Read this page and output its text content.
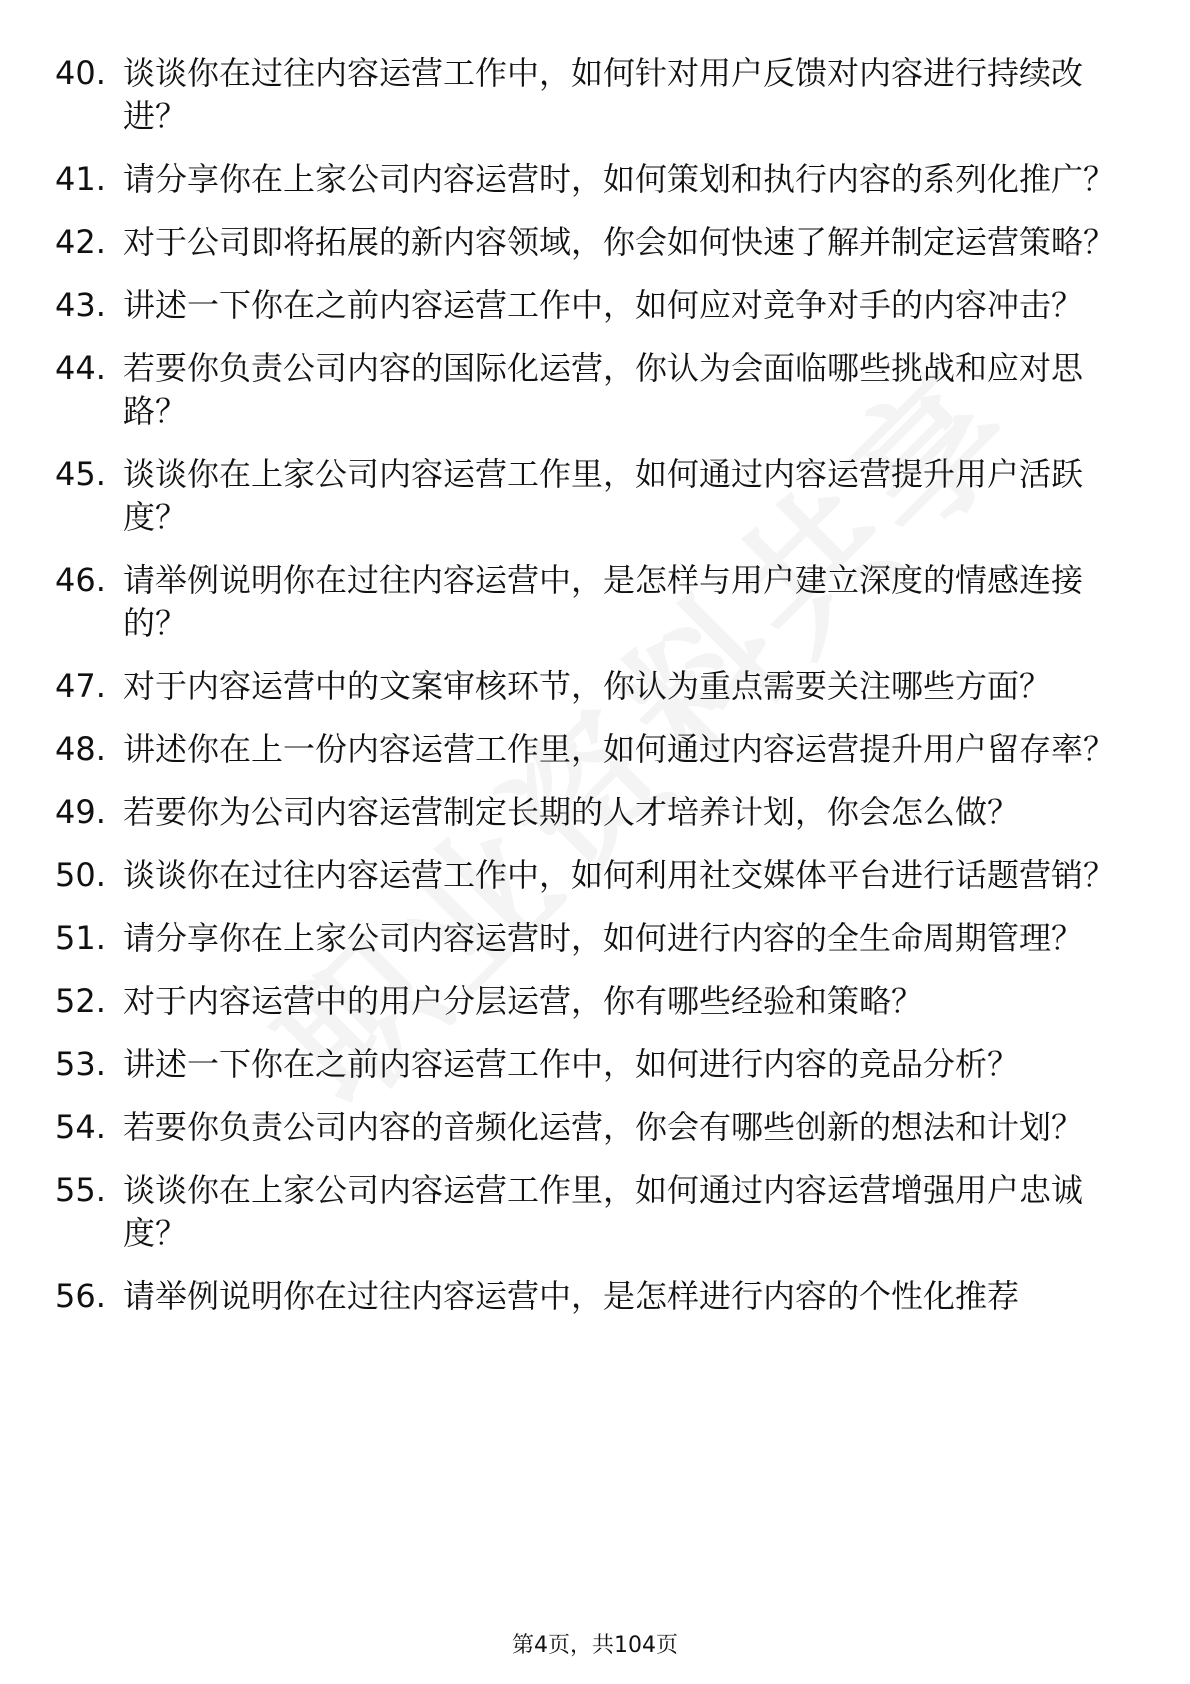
40. 谈谈你在过往内容运营工作中，如何针对用户反馈对内容进行持续改进？
41. 请分享你在上家公司内容运营时，如何策划和执行内容的系列化推广？
42. 对于公司即将拓展的新内容领域，你会如何快速了解并制定运营策略？
43. 讲述一下你在之前内容运营工作中，如何应对竞争对手的内容冲击？
44. 若要你负责公司内容的国际化运营，你认为会面临哪些挑战和应对思路？
45. 谈谈你在上家公司内容运营工作里，如何通过内容运营提升用户活跃度？
46. 请举例说明你在过往内容运营中，是怎样与用户建立深度的情感连接的？
47. 对于内容运营中的文案审核环节，你认为重点需要关注哪些方面？
48. 讲述你在上一份内容运营工作里，如何通过内容运营提升用户留存率？
49. 若要你为公司内容运营制定长期的人才培养计划，你会怎么做？
50. 谈谈你在过往内容运营工作中，如何利用社交媒体平台进行话题营销？
51. 请分享你在上家公司内容运营时，如何进行内容的全生命周期管理？
52. 对于内容运营中的用户分层运营，你有哪些经验和策略？
53. 讲述一下你在之前内容运营工作中，如何进行内容的竞品分析？
54. 若要你负责公司内容的音频化运营，你会有哪些创新的想法和计划？
55. 谈谈你在上家公司内容运营工作里，如何通过内容运营增强用户忠诚度？
56. 请举例说明你在过往内容运营中，是怎样进行内容的个性化推荐
第4页，共104页
